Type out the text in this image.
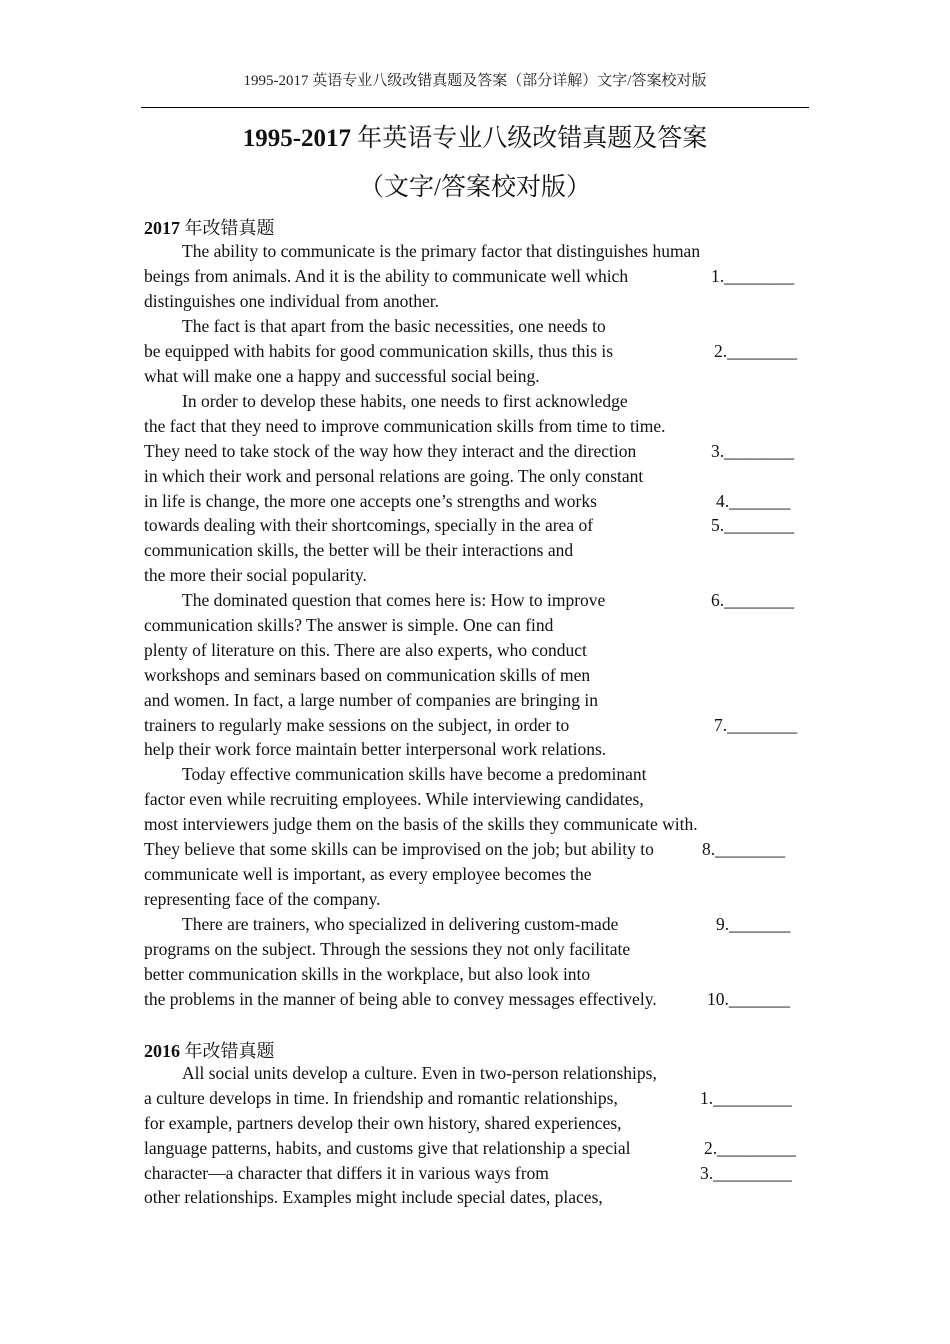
1995-2017 英语专业八级改错真题及答案（部分详解）文字/答案校对版
1995-2017 年英语专业八级改错真题及答案
（文字/答案校对版）
2017 年改错真题
The ability to communicate is the primary factor that distinguishes human
beings from animals. And it is the ability to communicate well which
distinguishes one individual from another.
The fact is that apart from the basic necessities, one needs to
be equipped with habits for good communication skills, thus this is
what will make one a happy and successful social being.
In order to develop these habits, one needs to first acknowledge
the fact that they need to improve communication skills from time to time.
They need to take stock of the way how they interact and the direction
in which their work and personal relations are going. The only constant
in life is change, the more one accepts one’s strengths and works
towards dealing with their shortcomings, specially in the area of
communication skills, the better will be their interactions and
the more their social popularity.
The dominated question that comes here is: How to improve
communication skills? The answer is simple. One can find
plenty of literature on this. There are also experts, who conduct
workshops and seminars based on communication skills of men
and women. In fact, a large number of companies are bringing in
trainers to regularly make sessions on the subject, in order to
help their work force maintain better interpersonal work relations.
Today effective communication skills have become a predominant
factor even while recruiting employees. While interviewing candidates,
most interviewers judge them on the basis of the skills they communicate with.
They believe that some skills can be improvised on the job; but ability to
communicate well is important, as every employee becomes the
representing face of the company.
There are trainers, who specialized in delivering custom-made
programs on the subject. Through the sessions they not only facilitate
better communication skills in the workplace, but also look into
the problems in the manner of being able to convey messages effectively.
1.________
2.________
3.________
4._______
5.________
6.________
7.________
8.________
9._______
10._______
2016 年改错真题
All social units develop a culture. Even in two-person relationships,
a culture develops in time. In friendship and romantic relationships,
for example, partners develop their own history, shared experiences,
language patterns, habits, and customs give that relationship a special
character—a character that differs it in various ways from
other relationships. Examples might include special dates, places,
1._________
2._________
3._________
